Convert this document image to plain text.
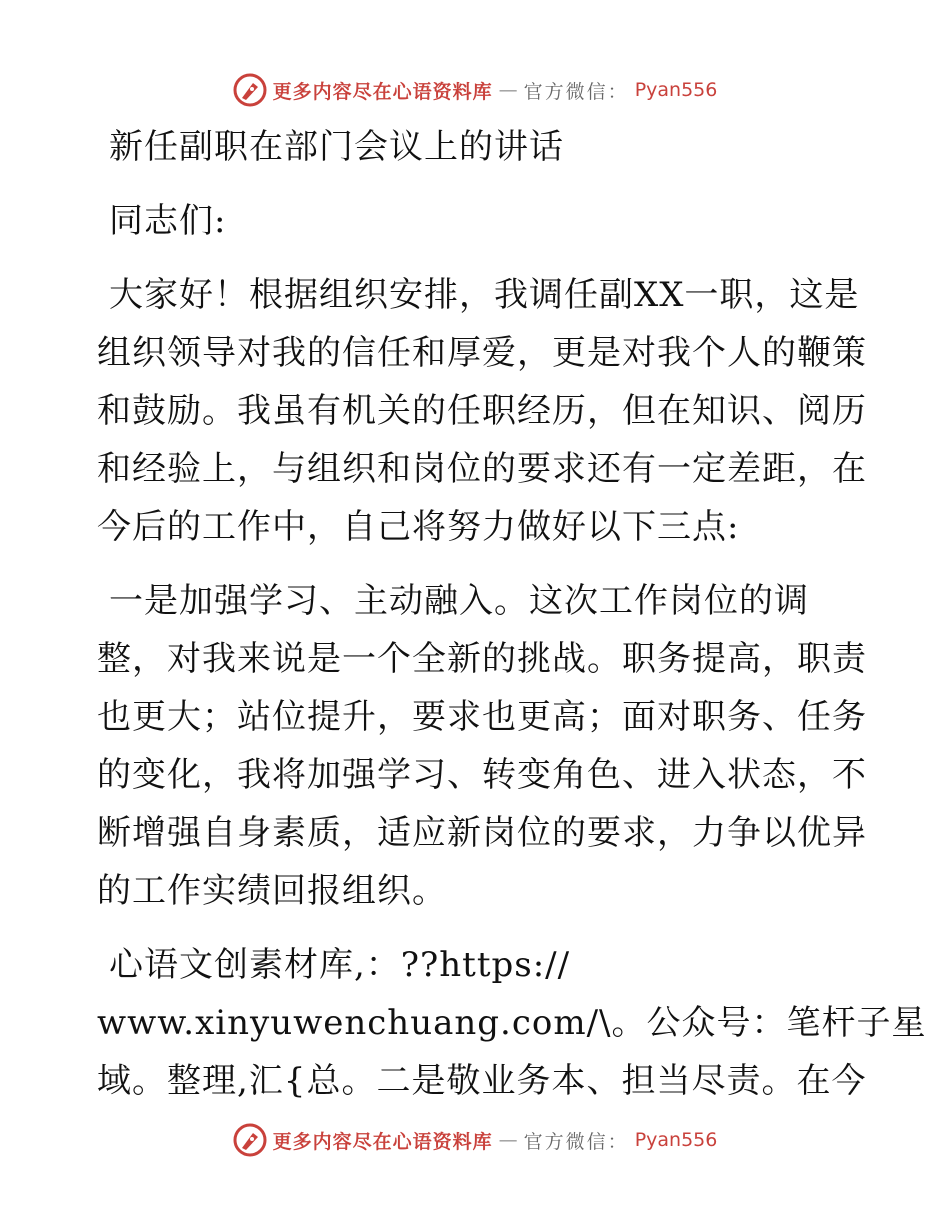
更多内容尽在心语资料库 — 官方微信： Pyan556
新任副职在部门会议上的讲话
同志们:
大家好！根据组织安排，我调任副XX一职，这是
组织领导对我的信任和厚爱，更是对我个人的鞭策
和鼓励。我虽有机关的任职经历，但在知识、阅历
和经验上，与组织和岗位的要求还有一定差距，在
今后的工作中，自己将努力做好以下三点:
一是加强学习、主动融入。这次工作岗位的调
整，对我来说是一个全新的挑战。职务提高，职责
也更大；站位提升，要求也更高；面对职务、任务
的变化，我将加强学习、转变角色、进入状态，不
断增强自身素质，适应新岗位的要求，力争以优异
的工作实绩回报组织。
心语文创素材库,：??https://
www.xinyuwenchuang.com/\。公众号：笔杆子星
域。整理,汇{总。二是敬业务本、担当尽责。在今
更多内容尽在心语资料库 — 官方微信： Pyan556
